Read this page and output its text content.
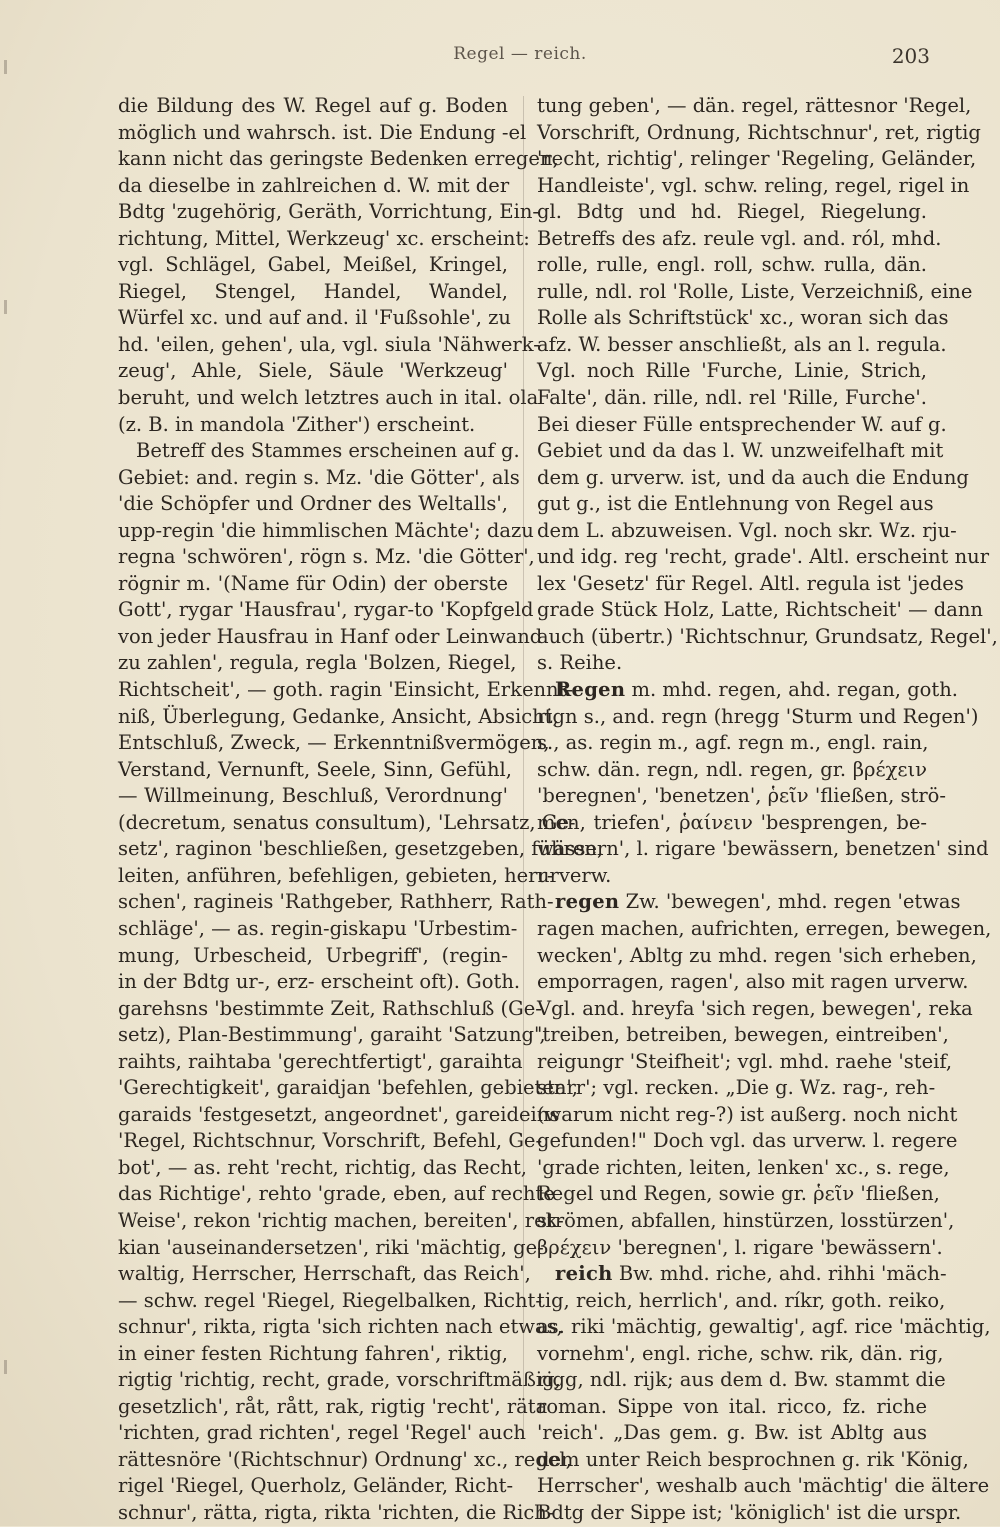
Regel — reich.	203
die Bildung des W. Regel auf g. Boden
möglich und wahrsch. ist. Die Endung -el
kann nicht das geringste Bedenken erregen,
da dieselbe in zahlreichen d. W. mit der
Bdtg 'zugehörig, Geräth, Vorrichtung, Ein-
richtung, Mittel, Werkzeug' xc. erscheint:
vgl. Schlägel, Gabel, Meißel, Kringel,
Riegel, Stengel, Handel, Wandel,
Würfel xc. und auf and. il 'Fußsohle', zu
hd. 'eilen, gehen', ula, vgl. siula 'Nähwerk-
zeug', Ahle, Siele, Säule 'Werkzeug'
beruht, und welch letztres auch in ital. ola
(z. B. in mandola 'Zither') erscheint.
Betreff des Stammes erscheinen auf g.
Gebiet: and. regin s. Mz. 'die Götter', als
'die Schöpfer und Ordner des Weltalls',
upp-regin 'die himmlischen Mächte'; dazu
regna 'schwören', rögn s. Mz. 'die Götter',
rögnir m. '(Name für Odin) der oberste
Gott', rygar 'Hausfrau', rygar-to 'Kopfgeld
von jeder Hausfrau in Hanf oder Leinwand
zu zahlen', regula, regla 'Bolzen, Riegel,
Richtscheit', — goth. ragin 'Einsicht, Erkennt-
niß, Überlegung, Gedanke, Ansicht, Absicht,
Entschluß, Zweck, — Erkenntnißvermögen,
Verstand, Vernunft, Seele, Sinn, Gefühl,
— Willmeinung, Beschluß, Verordnung'
(decretum, senatus consultum), 'Lehrsatz, Ge-
setz', raginon 'beschließen, gesetzgeben, führen,
leiten, anführen, befehligen, gebieten, herr-
schen', ragineis 'Rathgeber, Rathherr, Rath-
schläge', — as. regin-giskapu 'Urbestim-
mung, Urbescheid, Urbegriff', (regin-
in der Bdtg ur-, erz- erscheint oft). Goth.
garehsns 'bestimmte Zeit, Rathschluß (Ge-
setz), Plan-Bestimmung', garaiht 'Satzung',
raihts, raihtaba 'gerechtfertigt', garaihta
'Gerechtigkeit', garaidjan 'befehlen, gebieten',
garaids 'festgesetzt, angeordnet', gareideins
'Regel, Richtschnur, Vorschrift, Befehl, Ge-
bot', — as. reht 'recht, richtig, das Recht,
das Richtige', rehto 'grade, eben, auf rechte
Weise', rekon 'richtig machen, bereiten', rek-
kian 'auseinandersetzen', riki 'mächtig, ge-
waltig, Herrscher, Herrschaft, das Reich',
— schw. regel 'Riegel, Riegelbalken, Richt-
schnur', rikta, rigta 'sich richten nach etwas,
in einer festen Richtung fahren', riktig,
rigtig 'richtig, recht, grade, vorschriftmäßig,
gesetzlich', råt, rått, rak, rigtig 'recht', räta
'richten, grad richten', regel 'Regel' auch
rättesnöre '(Richtschnur) Ordnung' xc., regel,
rigel 'Riegel, Querholz, Geländer, Richt-
schnur', rätta, rigta, rikta 'richten, die Rich-
tung geben', — dän. regel, rättesnor 'Regel,
Vorschrift, Ordnung, Richtschnur', ret, rigtig
'recht, richtig', relinger 'Regeling, Geländer,
Handleiste', vgl. schw. reling, regel, rigel in
gl. Bdtg und hd. Riegel, Riegelung.
Betreffs des afz. reule vgl. and. ról, mhd.
rolle, rulle, engl. roll, schw. rulla, dän.
rulle, ndl. rol 'Rolle, Liste, Verzeichniß, eine
Rolle als Schriftstück' xc., woran sich das
afz. W. besser anschließt, als an l. regula.
Vgl. noch Rille 'Furche, Linie, Strich,
Falte', dän. rille, ndl. rel 'Rille, Furche'.
Bei dieser Fülle entsprechender W. auf g.
Gebiet und da das l. W. unzweifelhaft mit
dem g. urverw. ist, und da auch die Endung
gut g., ist die Entlehnung von Regel aus
dem L. abzuweisen. Vgl. noch skr. Wz. rju-
und idg. reg 'recht, grade'. Altl. erscheint nur
lex 'Gesetz' für Regel. Altl. regula ist 'jedes
grade Stück Holz, Latte, Richtscheit' — dann
auch (übertr.) 'Richtschnur, Grundsatz, Regel',
s. Reihe.
Regen m. mhd. regen, ahd. regan, goth.
rign s., and. regn (hregg 'Sturm und Regen')
s., as. regin m., agf. regn m., engl. rain,
schw. dän. regn, ndl. regen, gr. βρέχειν
'beregnen', 'benetzen', ῥεῖν 'fließen, strö-
men, triefen', ῥαίνειν 'besprengen, be-
wässern', l. rigare 'bewässern, benetzen' sind
urverw.
regen Zw. 'bewegen', mhd. regen 'etwas
ragen machen, aufrichten, erregen, bewegen,
wecken', Abltg zu mhd. regen 'sich erheben,
emporragen, ragen', also mit ragen urverw.
Vgl. and. hreyfa 'sich regen, bewegen', reka
'treiben, betreiben, bewegen, eintreiben',
reigungr 'Steifheit'; vgl. mhd. raehe 'steif,
starr'; vgl. recken. „Die g. Wz. rag-, reh-
(warum nicht reg-?) ist außerg. noch nicht
gefunden!" Doch vgl. das urverw. l. regere
'grade richten, leiten, lenken' xc., s. rege,
Regel und Regen, sowie gr. ῥεῖν 'fließen,
strömen, abfallen, hinstürzen, losstürzen',
βρέχειν 'beregnen', l. rigare 'bewässern'.
reich Bw. mhd. riche, ahd. rihhi 'mäch-
tig, reich, herrlich', and. ríkr, goth. reiko,
as. riki 'mächtig, gewaltig', agf. rice 'mächtig,
vornehm', engl. riche, schw. rik, dän. rig,
rigg, ndl. rijk; aus dem d. Bw. stammt die
roman. Sippe von ital. ricco, fz. riche
'reich'. „Das gem. g. Bw. ist Abltg aus
dem unter Reich besprochnen g. rik 'König,
Herrscher', weshalb auch 'mächtig' die ältere
Bdtg der Sippe ist; 'königlich' ist die urspr.
